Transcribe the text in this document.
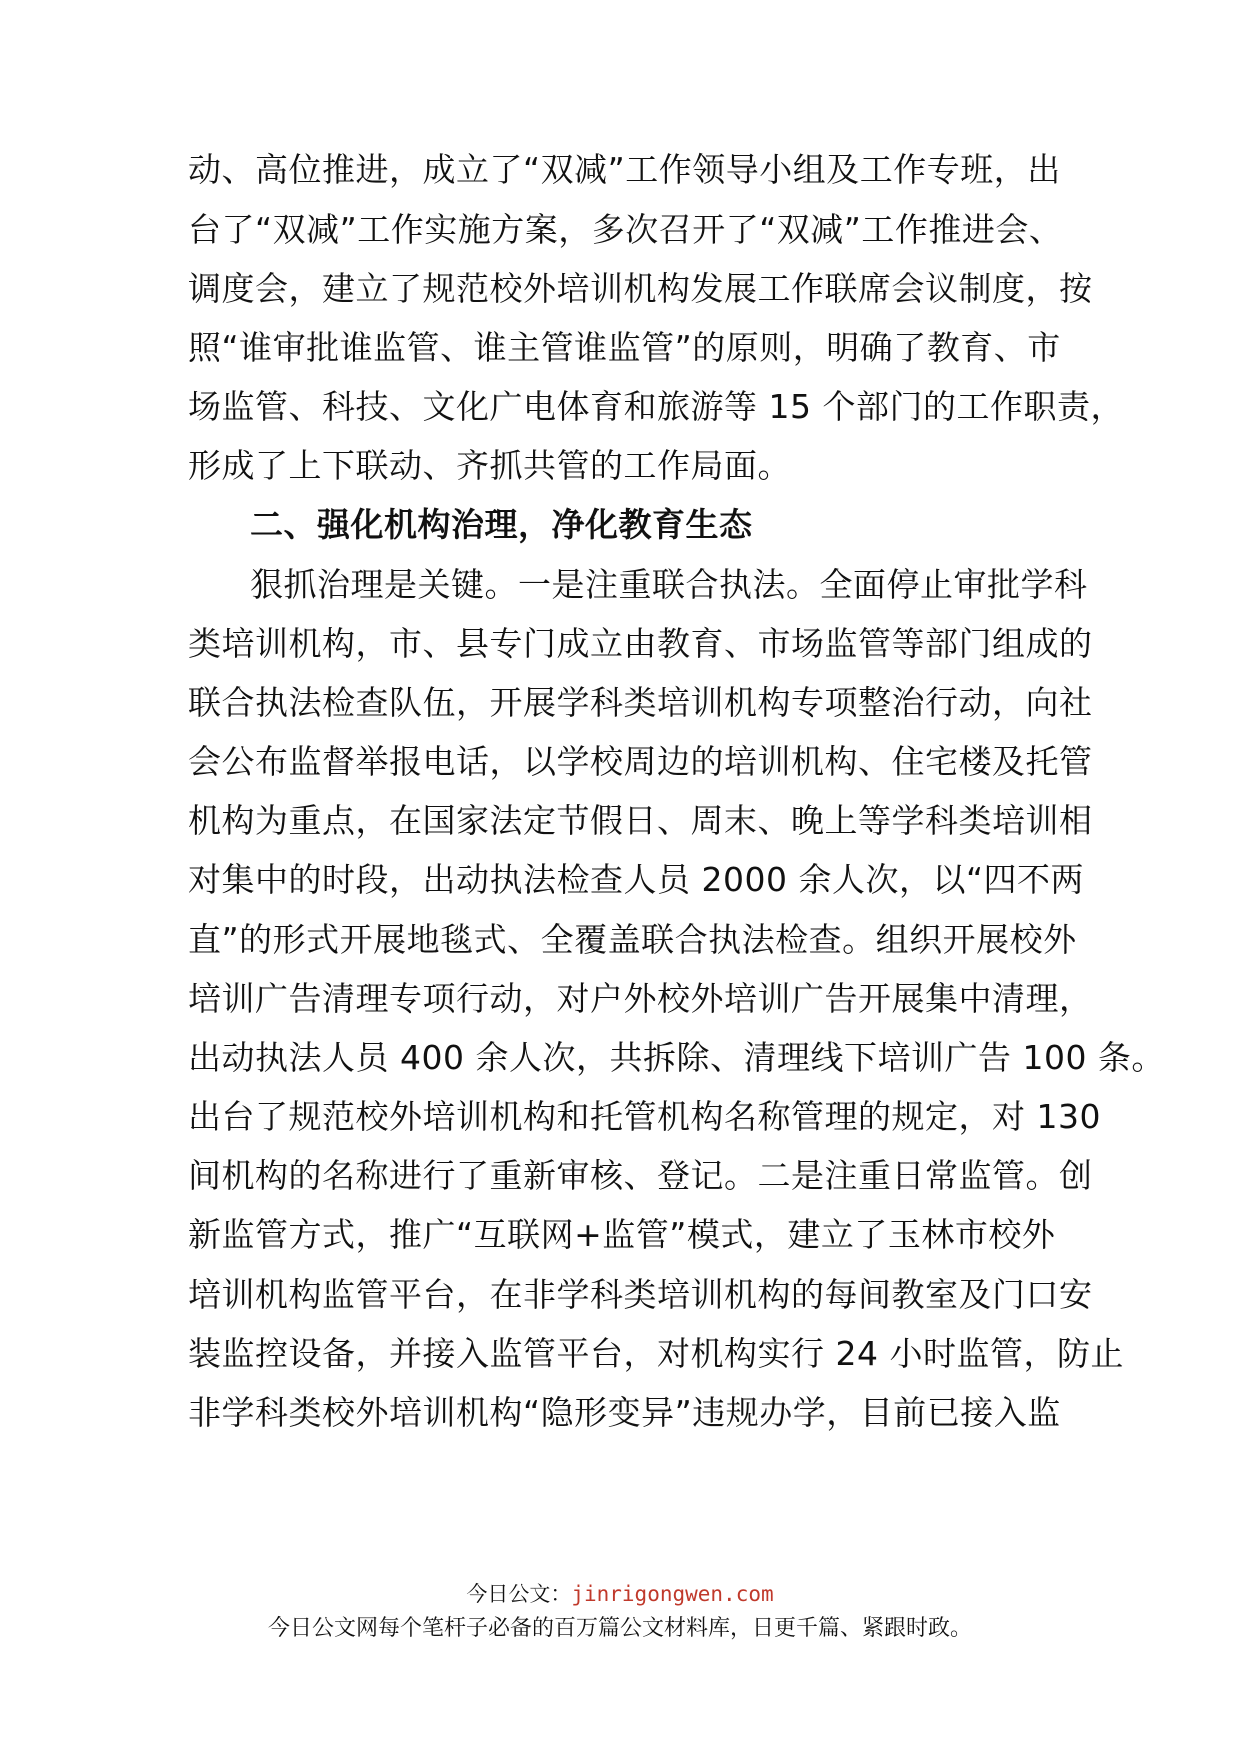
动、高位推进，成立了“双减”工作领导小组及工作专班，出
台了“双减”工作实施方案，多次召开了“双减”工作推进会、
调度会，建立了规范校外培训机构发展工作联席会议制度，按
照“谁审批谁监管、谁主管谁监管”的原则，明确了教育、市
场监管、科技、文化广电体育和旅游等 15 个部门的工作职责，
形成了上下联动、齐抓共管的工作局面。
二、强化机构治理，净化教育生态
狠抓治理是关键。一是注重联合执法。全面停止审批学科
类培训机构，市、县专门成立由教育、市场监管等部门组成的
联合执法检查队伍，开展学科类培训机构专项整治行动，向社
会公布监督举报电话，以学校周边的培训机构、住宅楼及托管
机构为重点，在国家法定节假日、周末、晚上等学科类培训相
对集中的时段，出动执法检查人员 2000 余人次，以“四不两
直”的形式开展地毯式、全覆盖联合执法检查。组织开展校外
培训广告清理专项行动，对户外校外培训广告开展集中清理，
出动执法人员 400 余人次，共拆除、清理线下培训广告 100 条。
出台了规范校外培训机构和托管机构名称管理的规定，对 130
间机构的名称进行了重新审核、登记。二是注重日常监管。创
新监管方式，推广“互联网+监管”模式，建立了玉林市校外
培训机构监管平台，在非学科类培训机构的每间教室及门口安
装监控设备，并接入监管平台，对机构实行 24 小时监管，防止
非学科类校外培训机构“隐形变异”违规办学，目前已接入监
今日公文：jinrigongwen.com
今日公文网每个笔杆子必备的百万篇公文材料库，日更千篇、紧跟时政。
